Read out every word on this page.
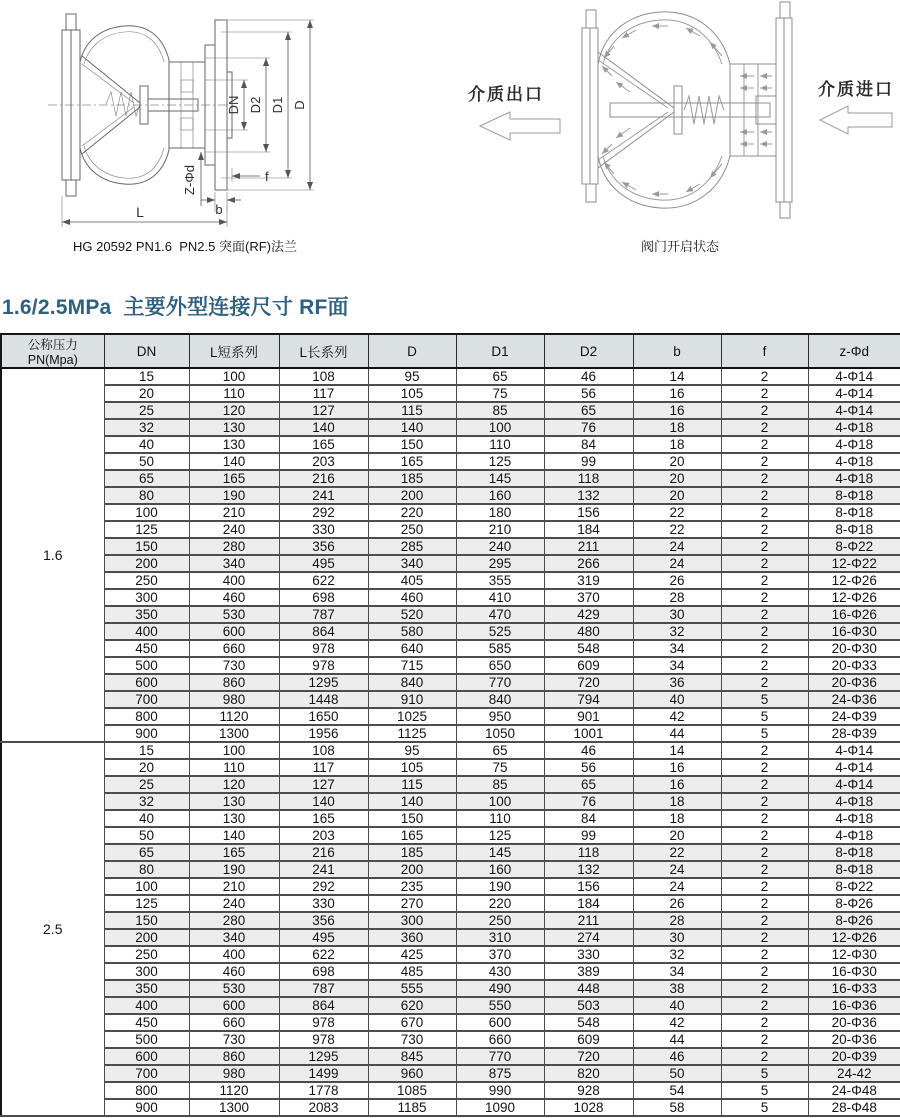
DN D2 D1 D
Z-Φd
b
f
L
HG 20592 PN1.6  PN2.5 突面(RF)法兰
介质出口	介质进口
阀门开启状态
1.6/2.5MPa  主要外型连接尺寸 RF面
公称压力PN(Mpa)	DN	L短系列	L长系列	D	D1	D2	b	f	z-Φd
1.6	15	100	108	95	65	46	14	2	4-Φ14
	20	110	117	105	75	56	16	2	4-Φ14
	25	120	127	115	85	65	16	2	4-Φ14
	32	130	140	140	100	76	18	2	4-Φ18
	40	130	165	150	110	84	18	2	4-Φ18
	50	140	203	165	125	99	20	2	4-Φ18
	65	165	216	185	145	118	20	2	4-Φ18
	80	190	241	200	160	132	20	2	8-Φ18
	100	210	292	220	180	156	22	2	8-Φ18
	125	240	330	250	210	184	22	2	8-Φ18
	150	280	356	285	240	211	24	2	8-Φ22
	200	340	495	340	295	266	24	2	12-Φ22
	250	400	622	405	355	319	26	2	12-Φ26
	300	460	698	460	410	370	28	2	12-Φ26
	350	530	787	520	470	429	30	2	16-Φ26
	400	600	864	580	525	480	32	2	16-Φ30
	450	660	978	640	585	548	34	2	20-Φ30
	500	730	978	715	650	609	34	2	20-Φ33
	600	860	1295	840	770	720	36	2	20-Φ36
	700	980	1448	910	840	794	40	5	24-Φ36
	800	1120	1650	1025	950	901	42	5	24-Φ39
	900	1300	1956	1125	1050	1001	44	5	28-Φ39
2.5	15	100	108	95	65	46	14	2	4-Φ14
	20	110	117	105	75	56	16	2	4-Φ14
	25	120	127	115	85	65	16	2	4-Φ14
	32	130	140	140	100	76	18	2	4-Φ18
	40	130	165	150	110	84	18	2	4-Φ18
	50	140	203	165	125	99	20	2	4-Φ18
	65	165	216	185	145	118	22	2	8-Φ18
	80	190	241	200	160	132	24	2	8-Φ18
	100	210	292	235	190	156	24	2	8-Φ22
	125	240	330	270	220	184	26	2	8-Φ26
	150	280	356	300	250	211	28	2	8-Φ26
	200	340	495	360	310	274	30	2	12-Φ26
	250	400	622	425	370	330	32	2	12-Φ30
	300	460	698	485	430	389	34	2	16-Φ30
	350	530	787	555	490	448	38	2	16-Φ33
	400	600	864	620	550	503	40	2	16-Φ36
	450	660	978	670	600	548	42	2	20-Φ36
	500	730	978	730	660	609	44	2	20-Φ36
	600	860	1295	845	770	720	46	2	20-Φ39
	700	980	1499	960	875	820	50	5	24-42
	800	1120	1778	1085	990	928	54	5	24-Φ48
	900	1300	2083	1185	1090	1028	58	5	28-Φ48
